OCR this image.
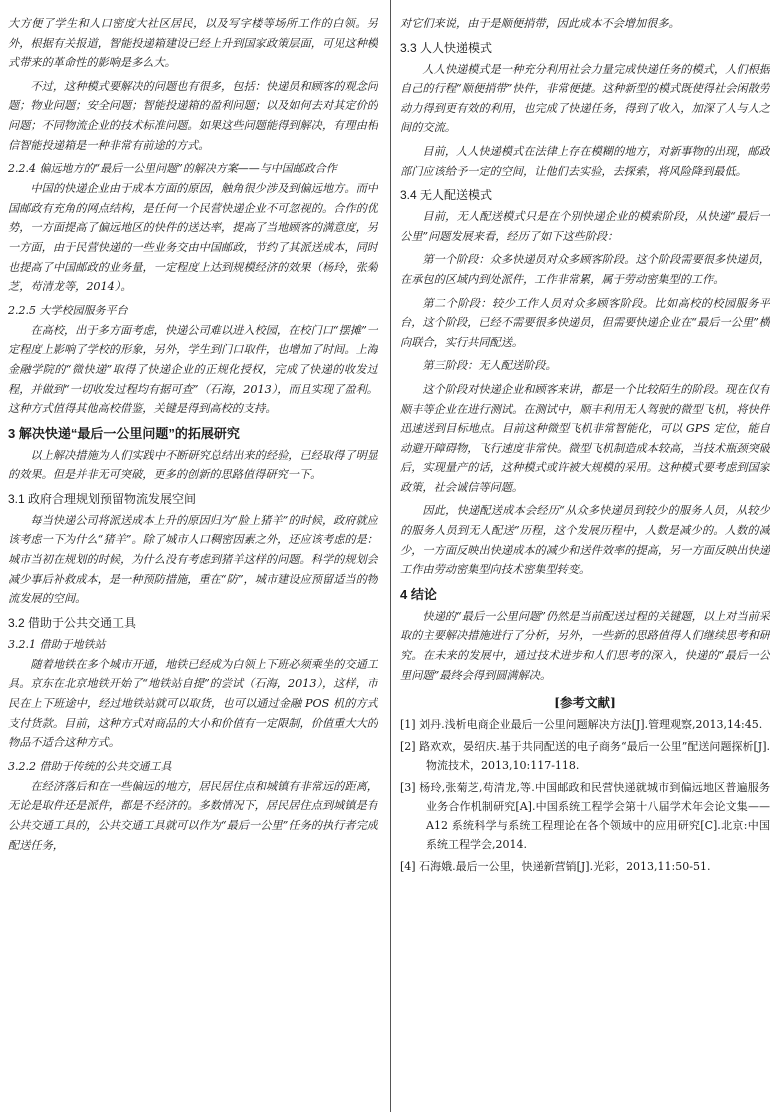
大方便了学生和人口密度大社区居民，以及写字楼等场所工作的白领。另外，根据有关报道，智能投递箱建设已经上升到国家政策层面，可见这种模式带来的革命性的影响是多么大。

不过，这种模式要解决的问题也有很多，包括：快递员和顾客的观念问题；物业问题；安全问题；智能投递箱的盈利问题；以及如何去对其定价的问题；不同物流企业的技术标准问题。如果这些问题能得到解决，有理由相信智能投递箱是一种非常有前途的方式。

2.2.4 偏远地方的“最后一公里问题”的解决方案——与中国邮政合作

中国的快递企业由于成本方面的原因，触角很少涉及到偏远地方。而中国邮政有充角的网点结构，是任何一个民营快递企业不可忽视的。合作的优势，一方面提高了偏远地区的快件的送达率，提高了当地顾客的满意度，另一方面，由于民营快递的一些业务交由中国邮政，节约了其派送成本，同时也提高了中国邮政的业务量，一定程度上达到规模经济的效果（杨玲，张菊芝，苟清龙等，2014）。

2.2.5 大学校园服务平台

在高校，出于多方面考虑，快递公司难以进入校园，在校门口“摆摊”一定程度上影响了学校的形象，另外，学生到门口取件，也增加了时间。上海金融学院的“微快递”取得了快递企业的正规化授权，完成了快递的收发过程，并做到“一切收发过程均有据可查”（石海，2013），而且实现了盈利。这种方式值得其他高校借鉴，关键是得到高校的支持。

3 解决快递“最后一公里问题”的拓展研究

以上解决措施为人们实践中不断研究总结出来的经验，已经取得了明显的效果。但是并非无可突破，更多的创新的思路值得研究一下。

3.1 政府合理规划预留物流发展空间

每当快递公司将派送成本上升的原因归为“脸上猪羊”的时候，政府就应该考虑一下为什么“猪羊”。除了城市人口稠密因素之外，还应该考虑的是：城市当初在规划的时候，为什么没有考虑到猪羊这样的问题。科学的规划会减少事后补救成本，是一种预防措施，重在“防”，城市建设应预留适当的物流发展的空间。

3.2 借助于公共交通工具
3.2.1 借助于地铁站

随着地铁在多个城市开通，地铁已经成为白领上下班必须乘坐的交通工具。京东在北京地铁开始了“地铁站自提”的尝试（石海，2013），这样，市民在上下班途中，经过地铁站就可以取货，也可以通过金融 POS 机的方式支付货款。目前，这种方式对商品的大小和价值有一定限制，价值重大大的物品不适合这种方式。

3.2.2 借助于传统的公共交通工具

在经济落后和在一些偏远的地方，居民居住点和城镇有非常远的距离，无论是取件还是派件，都是不经济的。多数情况下，居民居住点到城镇是有公共交通工具的，公共交通工具就可以作为“最后一公里”任务的执行者完成配送任务，

对它们来说，由于是顺便捎带，因此成本不会增加很多。

3.3 人人快递模式

人人快递模式是一种充分利用社会力量完成快递任务的模式，人们根据自己的行程“顺便捎带”快件，非常便捷。这种新型的模式既使得社会闲散劳动力得到更有效的利用，也完成了快递任务，得到了收入，加深了人与人之间的交流。

目前，人人快递模式在法律上存在模糊的地方，对新事物的出现，邮政部门应该给予一定的空间，让他们去实验，去探索，将风险降到最低。

3.4 无人配送模式

目前，无人配送模式只是在个别快递企业的模索阶段，从快递“最后一公里”问题发展来看，经历了如下这些阶段：

第一个阶段：众多快递员对众多顾客阶段。这个阶段需要很多快递员，在承包的区域内到处派件，工作非常累，属于劳动密集型的工作。

第二个阶段：较少工作人员对众多顾客阶段。比如高校的校园服务平台，这个阶段，已经不需要很多快递员，但需要快递企业在“最后一公里”横向联合，实行共同配送。

第三阶段：无人配送阶段。

这个阶段对快递企业和顾客来讲，都是一个比较陌生的阶段。现在仅有顺丰等企业在进行测试。在测试中，顺丰利用无人驾驶的微型飞机，将快件迅速送到目标地点。目前这种微型飞机非常智能化，可以 GPS 定位，能自动避开障碍物，飞行速度非常快。微型飞机制造成本较高，当技术瓶颈突破后，实现量产的话，这种模式或许被大规模的采用。这种模式要考虑到国家政策，社会诚信等问题。

因此，快递配送成本会经历“从众多快递员到较少的服务人员，从较少的服务人员到无人配送”历程，这个发展历程中，人数是减少的。人数的减少，一方面反映出快递成本的减少和送件效率的提高，另一方面反映出快递工作由劳动密集型向技术密集型转变。

4 结论

快递的“最后一公里问题”仍然是当前配送过程的关键题，以上对当前采取的主要解决措施进行了分析，另外，一些新的思路值得人们继续思考和研究。在未来的发展中，通过技术进步和人们思考的深入，快递的“最后一公里问题”最终会得到圆满解决。

[参考文献]
[1] 刘丹.浅析电商企业最后一公里问题解决方法[J].管理观察,2013,14:45.
[2] 路欢欢，晏绍庆.基于共同配送的电子商务“最后一公里”配送问题探析[J].物流技术，2013,10:117-118.
[3] 杨玲,张菊芝,苟清龙,等.中国邮政和民营快递就城市到偏远地区普遍服务业务合作机制研究[A].中国系统工程学会第十八届学术年会论文集——A12 系统科学与系统工程理论在各个领域中的应用研究[C].北京:中国系统工程学会,2014.
[4] 石海娥.最后一公里，快递新营销[J].光彩，2013,11:50-51.
